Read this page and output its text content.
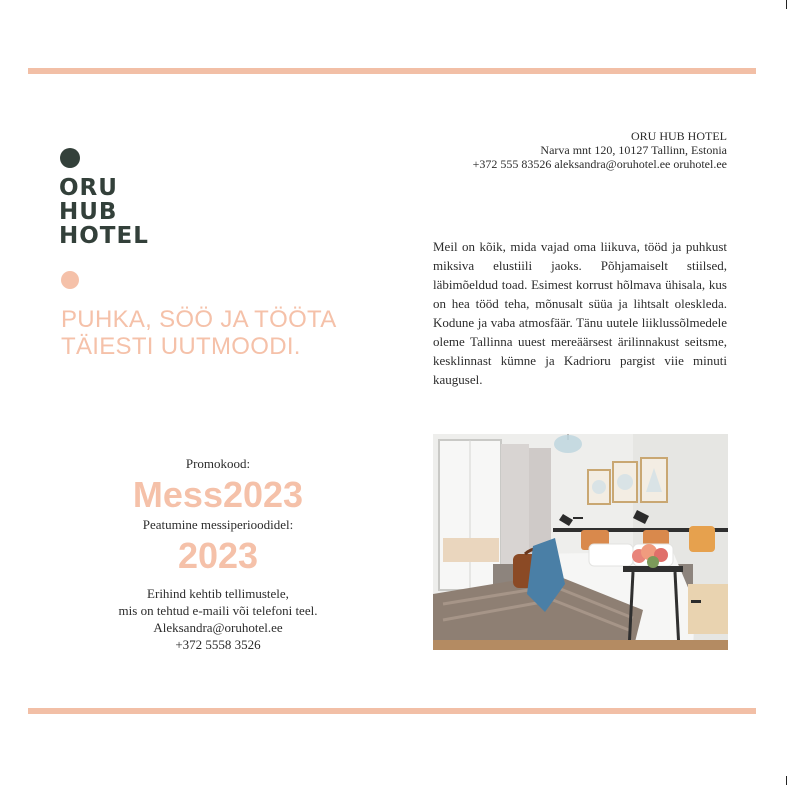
ORU
HUB
HOTEL
PUHKA, SÖÖ JA TÖÖTA
TÄIESTI UUTMOODI.
ORU HUB HOTEL
Narva mnt 120, 10127 Tallinn, Estonia
+372 555 83526 aleksandra@oruhotel.ee oruhotel.ee
Meil on kõik, mida vajad oma liikuva, tööd ja puhkust miksiva elustiili jaoks. Põhjamaiselt stiilsed, läbimõeldud toad. Esimest korrust hõlmava ühisala, kus on hea tööd teha, mõnusalt süüa ja lihtsalt oleskleda. Kodune ja vaba atmosfäär. Tänu uutele liiklussõlmedele oleme Tallinna uuest mereäärsest ärilinnakust seitsme, kesklinnast kümne ja Kadrioru pargist viie minuti kaugusel.
Promokood:
Mess2023
Peatumine messiperioodidel:
2023
Erihind kehtib tellimustele,
mis on tehtud e-maili või telefoni teel.
Aleksandra@oruhotel.ee
+372 5558 3526
